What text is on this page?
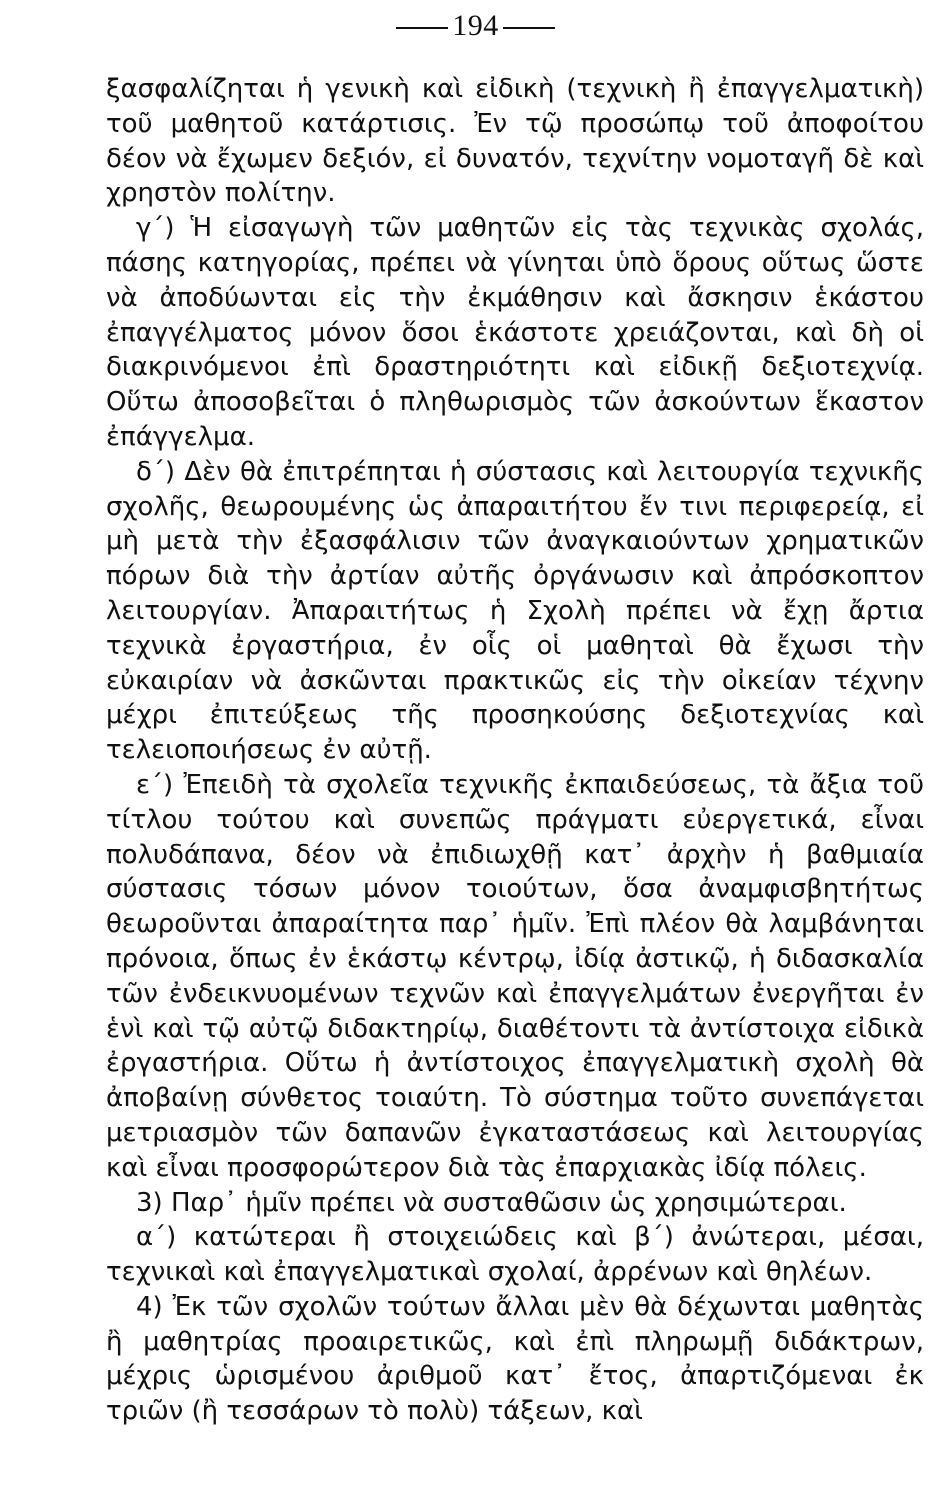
194

ξασφαλίζηται ἡ γενικὴ καὶ εἰδικὴ (τεχνικὴ ἢ ἐπαγγελματικὴ) τοῦ μαθητοῦ κατάρτισις. Ἐν τῷ προσώπῳ τοῦ ἀποφοίτου δέον νὰ ἔχωμεν δεξιόν, εἰ δυνατόν, τεχνίτην νομοταγῆ δὲ καὶ χρηστὸν πολίτην.

γ΄) Ἡ εἰσαγωγὴ τῶν μαθητῶν εἰς τὰς τεχνικὰς σχολάς, πάσης κατηγορίας, πρέπει νὰ γίνηται ὑπὸ ὅρους οὕτως ὥστε νὰ ἀποδύωνται εἰς τὴν ἐκμάθησιν καὶ ἄσκησιν ἑκάστου ἐπαγγέλματος μόνον ὅσοι ἑκάστοτε χρειάζονται, καὶ δὴ οἱ διακρινόμενοι ἐπὶ δραστηριότητι καὶ εἰδικῇ δεξιοτεχνίᾳ. Οὕτω ἀποσοβεῖται ὁ πληθωρισμὸς τῶν ἀσκούντων ἕκαστον ἐπάγγελμα.

δ΄) Δὲν θὰ ἐπιτρέπηται ἡ σύστασις καὶ λειτουργία τεχνικῆς σχολῆς, θεωρουμένης ὡς ἀπαραιτήτου ἔν τινι περιφερείᾳ, εἰ μὴ μετὰ τὴν ἐξασφάλισιν τῶν ἀναγκαιούντων χρηματικῶν πόρων διὰ τὴν ἀρτίαν αὐτῆς ὀργάνωσιν καὶ ἀπρόσκοπτον λειτουργίαν. Ἀπαραιτήτως ἡ Σχολὴ πρέπει νὰ ἔχῃ ἄρτια τεχνικὰ ἐργαστήρια, ἐν οἷς οἱ μαθηταὶ θὰ ἔχωσι τὴν εὐκαιρίαν νὰ ἀσκῶνται πρακτικῶς εἰς τὴν οἰκείαν τέχνην μέχρι ἐπιτεύξεως τῆς προσηκούσης δεξιοτεχνίας καὶ τελειοποιήσεως ἐν αὐτῇ.

ε΄) Ἐπειδὴ τὰ σχολεῖα τεχνικῆς ἐκπαιδεύσεως, τὰ ἄξια τοῦ τίτλου τούτου καὶ συνεπῶς πράγματι εὐεργετικά, εἶναι πολυδάπανα, δέον νὰ ἐπιδιωχθῇ κατ᾽ ἀρχὴν ἡ βαθμιαία σύστασις τόσων μόνον τοιούτων, ὅσα ἀναμφισβητήτως θεωροῦνται ἀπαραίτητα παρ᾽ ἡμῖν. Ἐπὶ πλέον θὰ λαμβάνηται πρόνοια, ὅπως ἐν ἑκάστῳ κέντρῳ, ἰδίᾳ ἀστικῷ, ἡ διδασκαλία τῶν ἐνδεικνυομένων τεχνῶν καὶ ἐπαγγελμάτων ἐνεργῆται ἐν ἑνὶ καὶ τῷ αὐτῷ διδακτηρίῳ, διαθέτοντι τὰ ἀντίστοιχα εἰδικὰ ἐργαστήρια. Οὕτω ἡ ἀντίστοιχος ἐπαγγελματικὴ σχολὴ θὰ ἀποβαίνῃ σύνθετος τοιαύτη. Τὸ σύστημα τοῦτο συνεπάγεται μετριασμὸν τῶν δαπανῶν ἐγκαταστάσεως καὶ λειτουργίας καὶ εἶναι προσφορώτερον διὰ τὰς ἐπαρχιακὰς ἰδίᾳ πόλεις.

3) Παρ᾽ ἡμῖν πρέπει νὰ συσταθῶσιν ὡς χρησιμώτεραι.

α΄) κατώτεραι ἢ στοιχειώδεις καὶ β΄) ἀνώτεραι, μέσαι, τεχνικαὶ καὶ ἐπαγγελματικαὶ σχολαί, ἀρρένων καὶ θηλέων.

4) Ἐκ τῶν σχολῶν τούτων ἄλλαι μὲν θὰ δέχωνται μαθητὰς ἢ μαθητρίας προαιρετικῶς, καὶ ἐπὶ πληρωμῇ διδάκτρων, μέχρις ὡρισμένου ἀριθμοῦ κατ᾽ ἔτος, ἀπαρτιζόμεναι ἐκ τριῶν (ἢ τεσσάρων τὸ πολὺ) τάξεων, καὶ
